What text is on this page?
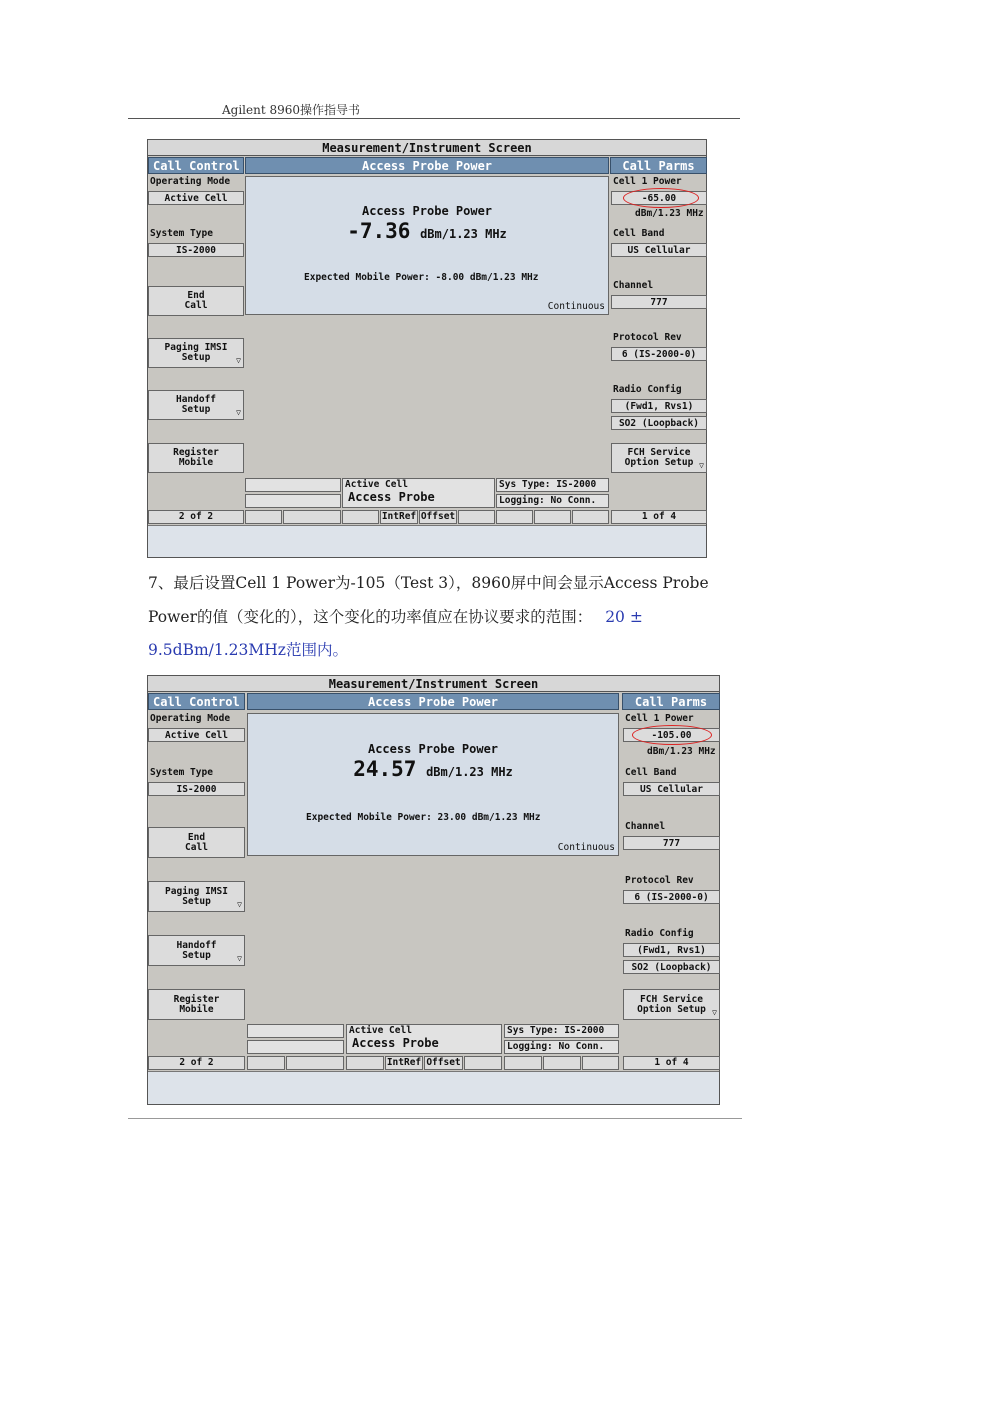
Agilent 8960操作指导书
Measurement/Instrument Screen
Call Control	Access Probe Power	Call Parms
Operating Mode
Active Cell
System Type
IS-2000
End
Call
Paging IMSI
Setup	▽
Handoff
Setup	▽
Register
Mobile
2 of 2
Access Probe Power
-7.36 dBm/1.23 MHz
Expected Mobile Power: -8.00 dBm/1.23 MHz
Continuous
Active Cell
Access Probe
Sys Type: IS-2000
Logging: No Conn.
IntRef Offset
Cell 1 Power
-65.00
dBm/1.23 MHz
Cell Band
US Cellular
Channel
777
Protocol Rev
6 (IS-2000-0)
Radio Config
(Fwd1, Rvs1)
SO2 (Loopback)
FCH Service
Option Setup ▽
1 of 4
7、最后设置Cell 1 Power为-105（Test 3），8960屏中间会显示Access Probe
Power的值（变化的），这个变化的功率值应在协议要求的范围： 20 ±
9.5dBm/1.23MHz范围内。
Measurement/Instrument Screen
Call Control	Access Probe Power	Call Parms
Operating Mode
Active Cell
System Type
IS-2000
End
Call
Paging IMSI
Setup	▽
Handoff
Setup	▽
Register
Mobile
2 of 2
Access Probe Power
24.57 dBm/1.23 MHz
Expected Mobile Power: 23.00 dBm/1.23 MHz
Continuous
Active Cell
Access Probe
Sys Type: IS-2000
Logging: No Conn.
IntRef Offset
Cell 1 Power
-105.00
dBm/1.23 MHz
Cell Band
US Cellular
Channel
777
Protocol Rev
6 (IS-2000-0)
Radio Config
(Fwd1, Rvs1)
SO2 (Loopback)
FCH Service
Option Setup ▽
1 of 4
